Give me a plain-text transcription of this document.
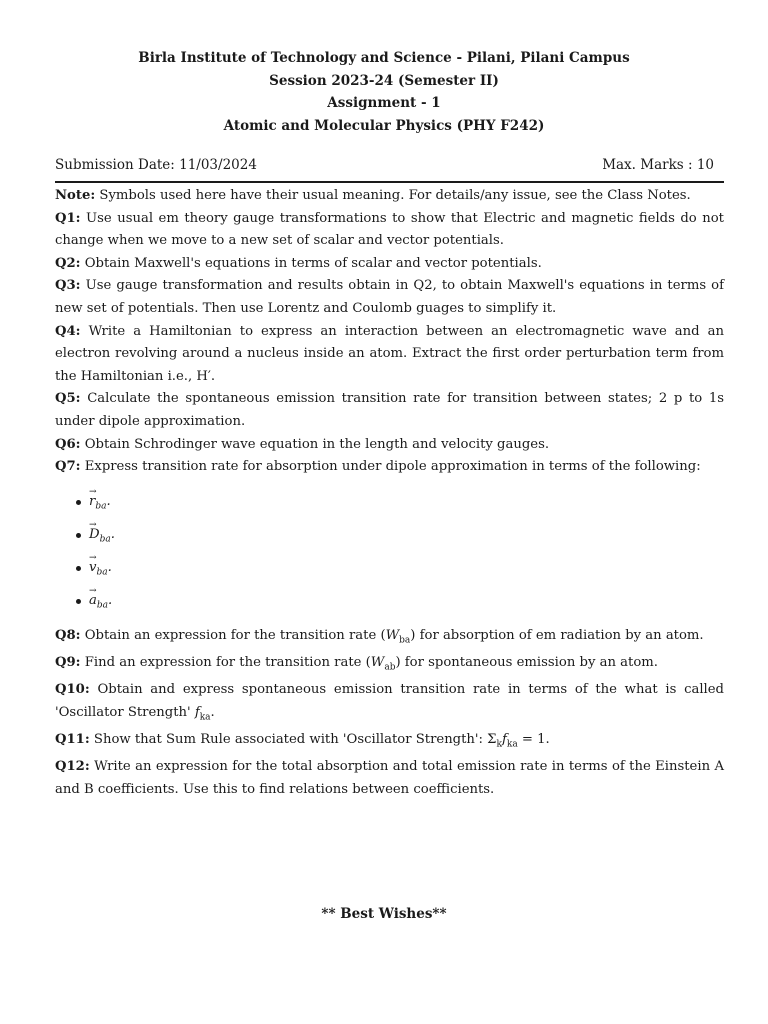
Birla Institute of Technology and Science - Pilani, Pilani Campus
Session 2023-24 (Semester II)
Assignment - 1
Atomic and Molecular Physics (PHY F242)
Submission Date: 11/03/2024	Max. Marks : 10

Note: Symbols used here have their usual meaning. For details/any issue, see the Class Notes.

Q1: Use usual em theory gauge transformations to show that Electric and magnetic fields do not change when we move to a new set of scalar and vector potentials.

Q2: Obtain Maxwell's equations in terms of scalar and vector potentials.

Q3: Use gauge transformation and results obtain in Q2, to obtain Maxwell's equations in terms of new set of potentials. Then use Lorentz and Coulomb guages to simplify it.

Q4: Write a Hamiltonian to express an interaction between an electromagnetic wave and an electron revolving around a nucleus inside an atom. Extract the first order perturbation term from the Hamiltonian i.e., H′.

Q5: Calculate the spontaneous emission transition rate for transition between states; 2 p to 1s under dipole approximation.

Q6: Obtain Schrodinger wave equation in the length and velocity gauges.

Q7: Express transition rate for absorption under dipole approximation in terms of the following:

→ $r_{ba}$.
→ $D_{ba}$.
→ $v_{ba}$.
→ $a_{ba}$.

Q8: Obtain an expression for the transition rate $(W_{ba})$ for absorption of em radiation by an atom.

Q9: Find an expression for the transition rate $(W_{ab})$ for spontaneous emission by an atom.

Q10: Obtain and express spontaneous emission transition rate in terms of the what is called 'Oscillator Strength' $f_{ka}$.

Q11: Show that Sum Rule associated with 'Oscillator Strength': $\Sigma_kf_{ka} = 1$.

Q12: Write an expression for the total absorption and total emission rate in terms of the Einstein A and B coefficients. Use this to find relations between coefficients.

** Best Wishes**
